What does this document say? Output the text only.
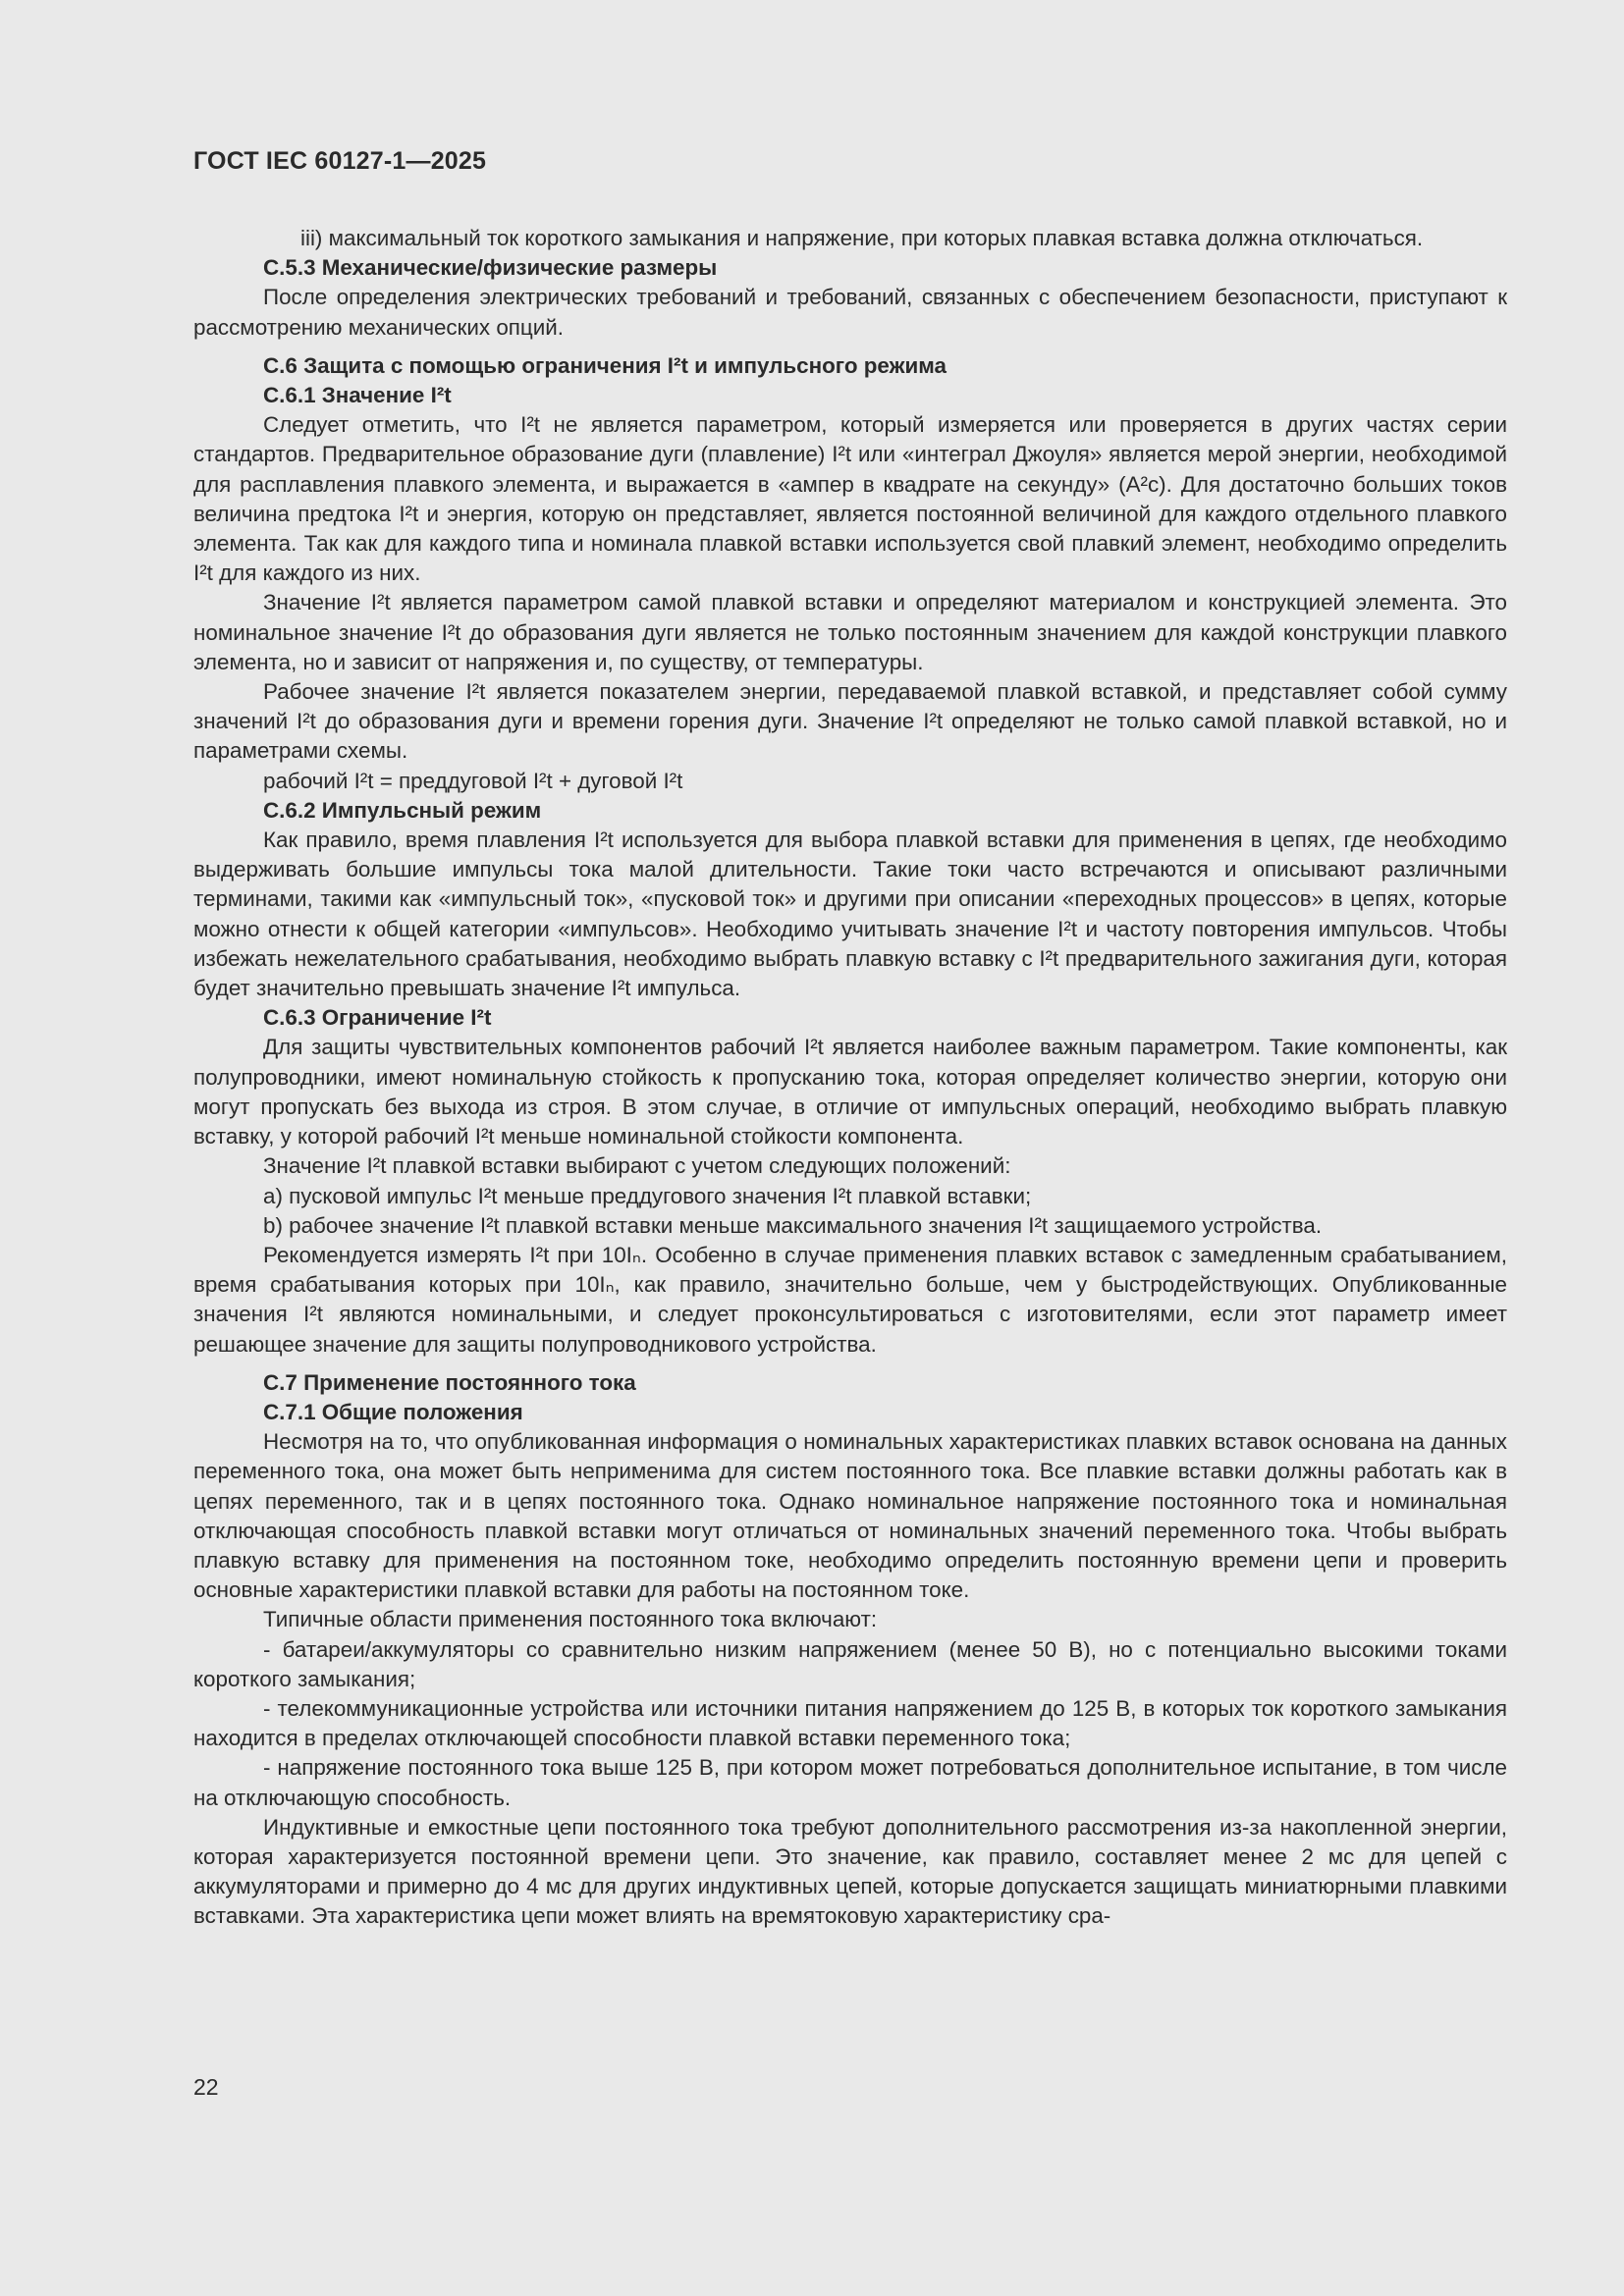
ГОСТ IEC 60127-1—2025

iii) максимальный ток короткого замыкания и напряжение, при которых плавкая вставка должна отключаться.

C.5.3 Механические/физические размеры

После определения электрических требований и требований, связанных с обеспечением безопасности, приступают к рассмотрению механических опций.

C.6 Защита с помощью ограничения I²t и импульсного режима

C.6.1 Значение I²t

Следует отметить, что I²t не является параметром, который измеряется или проверяется в других частях серии стандартов. Предварительное образование дуги (плавление) I²t или «интеграл Джоуля» является мерой энергии, необходимой для расплавления плавкого элемента, и выражается в «ампер в квадрате на секунду» (A²c). Для достаточно больших токов величина предтока I²t и энергия, которую он представляет, является постоянной величиной для каждого отдельного плавкого элемента. Так как для каждого типа и номинала плавкой вставки используется свой плавкий элемент, необходимо определить I²t для каждого из них.

Значение I²t является параметром самой плавкой вставки и определяют материалом и конструкцией элемента. Это номинальное значение I²t до образования дуги является не только постоянным значением для каждой конструкции плавкого элемента, но и зависит от напряжения и, по существу, от температуры.

Рабочее значение I²t является показателем энергии, передаваемой плавкой вставкой, и представляет собой сумму значений I²t до образования дуги и времени горения дуги. Значение I²t определяют не только самой плавкой вставкой, но и параметрами схемы.

рабочий I²t = преддуговой I²t + дуговой I²t

C.6.2 Импульсный режим

Как правило, время плавления I²t используется для выбора плавкой вставки для применения в цепях, где необходимо выдерживать большие импульсы тока малой длительности. Такие токи часто встречаются и описывают различными терминами, такими как «импульсный ток», «пусковой ток» и другими при описании «переходных процессов» в цепях, которые можно отнести к общей категории «импульсов». Необходимо учитывать значение I²t и частоту повторения импульсов. Чтобы избежать нежелательного срабатывания, необходимо выбрать плавкую вставку с I²t предварительного зажигания дуги, которая будет значительно превышать значение I²t импульса.

C.6.3 Ограничение I²t

Для защиты чувствительных компонентов рабочий I²t является наиболее важным параметром. Такие компоненты, как полупроводники, имеют номинальную стойкость к пропусканию тока, которая определяет количество энергии, которую они могут пропускать без выхода из строя. В этом случае, в отличие от импульсных операций, необходимо выбрать плавкую вставку, у которой рабочий I²t меньше номинальной стойкости компонента.

Значение I²t плавкой вставки выбирают с учетом следующих положений:

a) пусковой импульс I²t меньше преддугового значения I²t плавкой вставки;

b) рабочее значение I²t плавкой вставки меньше максимального значения I²t защищаемого устройства.

Рекомендуется измерять I²t при 10Iₙ. Особенно в случае применения плавких вставок с замедленным срабатыванием, время срабатывания которых при 10Iₙ, как правило, значительно больше, чем у быстродействующих. Опубликованные значения I²t являются номинальными, и следует проконсультироваться с изготовителями, если этот параметр имеет решающее значение для защиты полупроводникового устройства.

C.7 Применение постоянного тока

C.7.1 Общие положения

Несмотря на то, что опубликованная информация о номинальных характеристиках плавких вставок основана на данных переменного тока, она может быть неприменима для систем постоянного тока. Все плавкие вставки должны работать как в цепях переменного, так и в цепях постоянного тока. Однако номинальное напряжение постоянного тока и номинальная отключающая способность плавкой вставки могут отличаться от номинальных значений переменного тока. Чтобы выбрать плавкую вставку для применения на постоянном токе, необходимо определить постоянную времени цепи и проверить основные характеристики плавкой вставки для работы на постоянном токе.

Типичные области применения постоянного тока включают:

- батареи/аккумуляторы со сравнительно низким напряжением (менее 50 В), но с потенциально высокими токами короткого замыкания;

- телекоммуникационные устройства или источники питания напряжением до 125 В, в которых ток короткого замыкания находится в пределах отключающей способности плавкой вставки переменного тока;

- напряжение постоянного тока выше 125 В, при котором может потребоваться дополнительное испытание, в том числе на отключающую способность.

Индуктивные и емкостные цепи постоянного тока требуют дополнительного рассмотрения из-за накопленной энергии, которая характеризуется постоянной времени цепи. Это значение, как правило, составляет менее 2 мс для цепей с аккумуляторами и примерно до 4 мс для других индуктивных цепей, которые допускается защищать миниатюрными плавкими вставками. Эта характеристика цепи может влиять на времятоковую характеристику сра-

22
